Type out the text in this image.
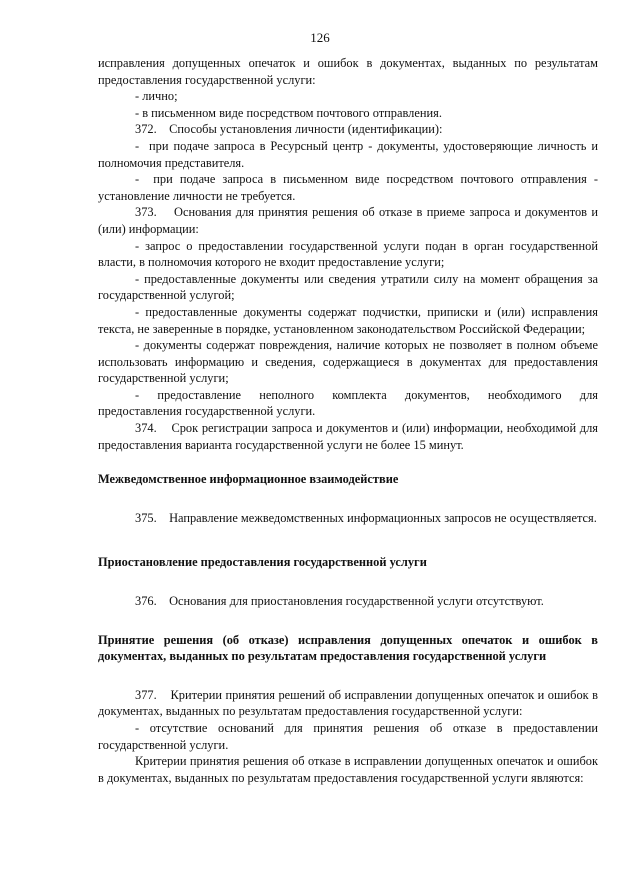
126

исправления допущенных опечаток и ошибок в документах, выданных по результатам предоставления государственной услуги:

- лично;

- в письменном виде посредством почтового отправления.

372.    Способы установления личности (идентификации):

-  при подаче запроса в Ресурсный центр - документы, удостоверяющие личность и полномочия представителя.

-  при подаче запроса в письменном виде посредством почтового отправления - установление личности не требуется.

373.    Основания для принятия решения об отказе в приеме запроса и документов и (или) информации:

- запрос о предоставлении государственной услуги подан в орган государственной власти, в полномочия которого не входит предоставление услуги;

- предоставленные документы или сведения утратили силу на момент обращения за государственной услугой;

- предоставленные документы содержат подчистки, приписки и (или) исправления текста, не заверенные в порядке, установленном законодательством Российской Федерации;

- документы содержат повреждения, наличие которых не позволяет в полном объеме использовать информацию и сведения, содержащиеся в документах для предоставления государственной услуги;

-     предоставление     неполного     комплекта     документов,     необходимого     для предоставления государственной услуги.

374.    Срок регистрации запроса и документов и (или) информации, необходимой для предоставления варианта государственной услуги не более 15 минут.

Межведомственное информационное взаимодействие

375.    Направление межведомственных информационных запросов не осуществляется.

Приостановление предоставления государственной услуги

376.    Основания для приостановления государственной услуги отсутствуют.

Принятие решения (об отказе) исправления допущенных опечаток и ошибок в документах, выданных по результатам предоставления государственной услуги

377.    Критерии принятия решений об исправлении допущенных опечаток и ошибок в документах, выданных по результатам предоставления государственной услуги:

- отсутствие оснований для принятия решения об отказе в предоставлении государственной услуги.

Критерии принятия решения об отказе в исправлении допущенных опечаток и ошибок в документах, выданных по результатам предоставления государственной услуги являются:
